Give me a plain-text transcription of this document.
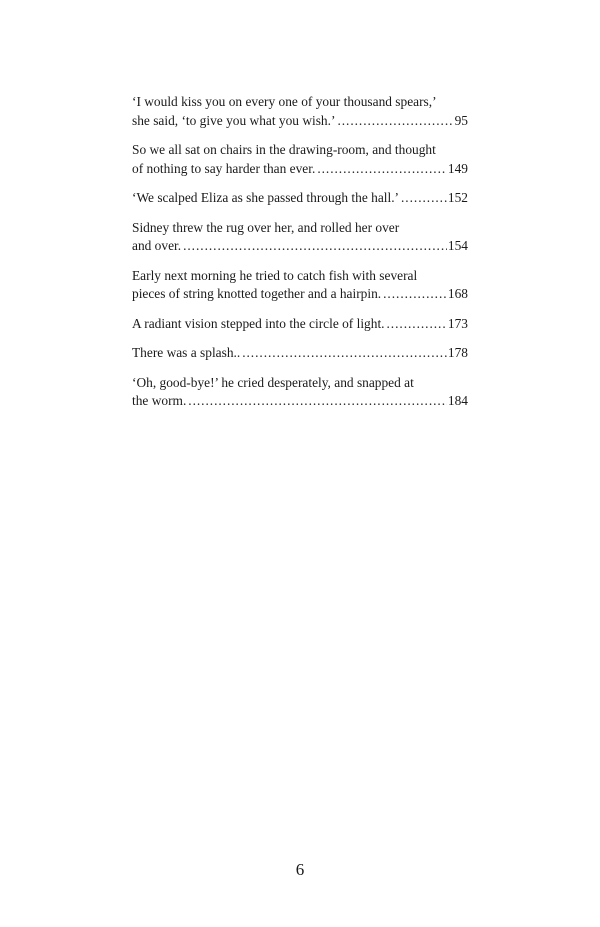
‘I would kiss you on every one of your thousand spears,’
she said, ‘to give you what you wish.’ . . .	95
So we all sat on chairs in the drawing-room, and thought
of nothing to say harder than ever. . . .	149
‘We scalped Eliza as she passed through the hall.’ . . .	152
Sidney threw the rug over her, and rolled her over
and over. . . .	154
Early next morning he tried to catch fish with several
pieces of string knotted together and a hairpin. . . .	168
A radiant vision stepped into the circle of light. . . .	173
There was a splash.. . . .	178
‘Oh, good-bye!’ he cried desperately, and snapped at
the worm. . . .	184
6
